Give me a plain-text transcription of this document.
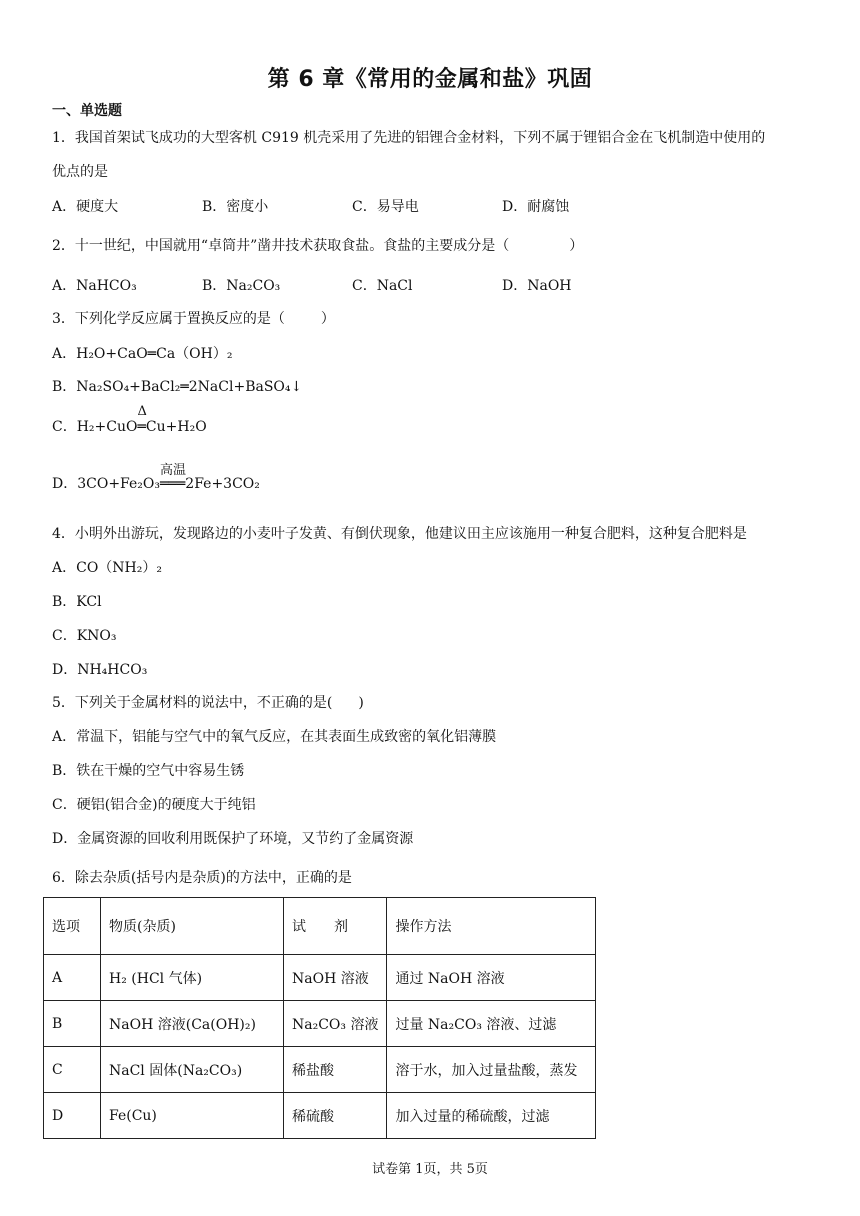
第 6 章《常用的金属和盐》巩固
一、单选题
1．我国首架试飞成功的大型客机 C919 机壳采用了先进的铝锂合金材料，下列不属于锂铝合金在飞机制造中使用的
优点的是
A．硬度大	B．密度小	C．易导电	D．耐腐蚀
2．十一世纪，中国就用“卓筒井”凿井技术获取食盐。食盐的主要成分是（	）
A．NaHCO₃	B．Na₂CO₃	C．NaCl	D．NaOH
3．下列化学反应属于置换反应的是（	）
A．H₂O+CaO═Ca（OH）₂
B．Na₂SO₄+BaCl₂═2NaCl+BaSO₄↓
C．H₂+CuO
Δ
═Cu+H₂O
D．3CO+Fe₂O₃
高温
═══2Fe+3CO₂
4．小明外出游玩，发现路边的小麦叶子发黄、有倒伏现象，他建议田主应该施用一种复合肥料，这种复合肥料是
A．CO（NH₂）₂
B．KCl
C．KNO₃
D．NH₄HCO₃
5．下列关于金属材料的说法中，不正确的是( )
A．常温下，铝能与空气中的氧气反应，在其表面生成致密的氧化铝薄膜
B．铁在干燥的空气中容易生锈
C．硬铝(铝合金)的硬度大于纯铝
D．金属资源的回收利用既保护了环境，又节约了金属资源
6．除去杂质(括号内是杂质)的方法中，正确的是
选项	物质(杂质)	试　　剂	操作方法
A	H₂ (HCl 气体)	NaOH 溶液	通过 NaOH 溶液
B	NaOH 溶液(Ca(OH)₂)	Na₂CO₃ 溶液	过量 Na₂CO₃ 溶液、过滤
C	NaCl 固体(Na₂CO₃)	稀盐酸	溶于水，加入过量盐酸，蒸发
D	Fe(Cu)	稀硫酸	加入过量的稀硫酸，过滤
试卷第 1页，共 5页
